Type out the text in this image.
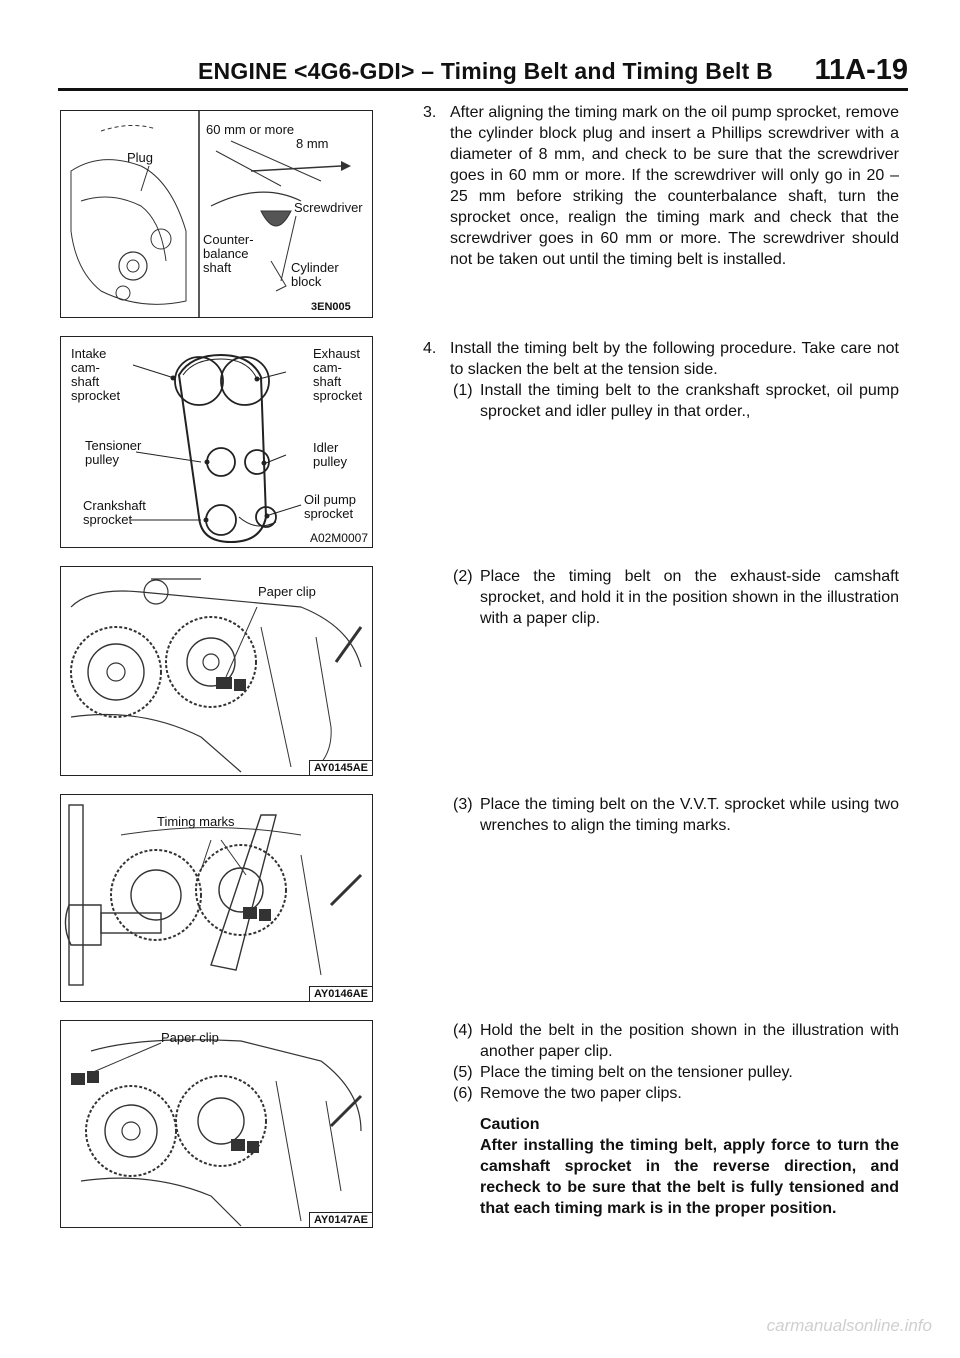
ENGINE <4G6-GDI> – Timing Belt and Timing Belt B 11A-19
Plug
60 mm or more
8 mm
Screwdriver
Counter-
balance
shaft	Cylinder
block
3EN005
Intake
cam-
shaft
sprocket
Exhaust
cam-
shaft
sprocket
Tensioner
pulley
Idler
pulley
Crankshaft
sprocket
Oil pump
sprocket
A02M0007
Paper clip
AY0145AE
Timing marks
AY0146AE
Paper clip
AY0147AE
3. After aligning the timing mark on the oil pump sprocket, remove the cylinder block plug and insert a Phillips screwdriver with a diameter of 8 mm, and check to be sure that the screwdriver goes in 60 mm or more. If the screwdriver will only go in 20 – 25 mm before striking the counterbalance shaft, turn the sprocket once, realign the timing mark and check that the screwdriver goes in 60 mm or more. The screwdriver should not be taken out until the timing belt is installed.
4. Install the timing belt by the following procedure. Take care not to slacken the belt at the tension side.
(1) Install the timing belt to the crankshaft sprocket, oil pump sprocket and idler pulley in that order.,
(2) Place the timing belt on the exhaust-side camshaft sprocket, and hold it in the position shown in the illustration with a paper clip.
(3) Place the timing belt on the V.V.T. sprocket while using two wrenches to align the timing marks.
(4) Hold the belt in the position shown in the illustration with another paper clip.
(5) Place the timing belt on the tensioner pulley.
(6) Remove the two paper clips.
Caution
After installing the timing belt, apply force to turn the camshaft sprocket in the reverse direction, and recheck to be sure that the belt is fully tensioned and that each timing mark is in the proper position.
carmanualsonline.info
